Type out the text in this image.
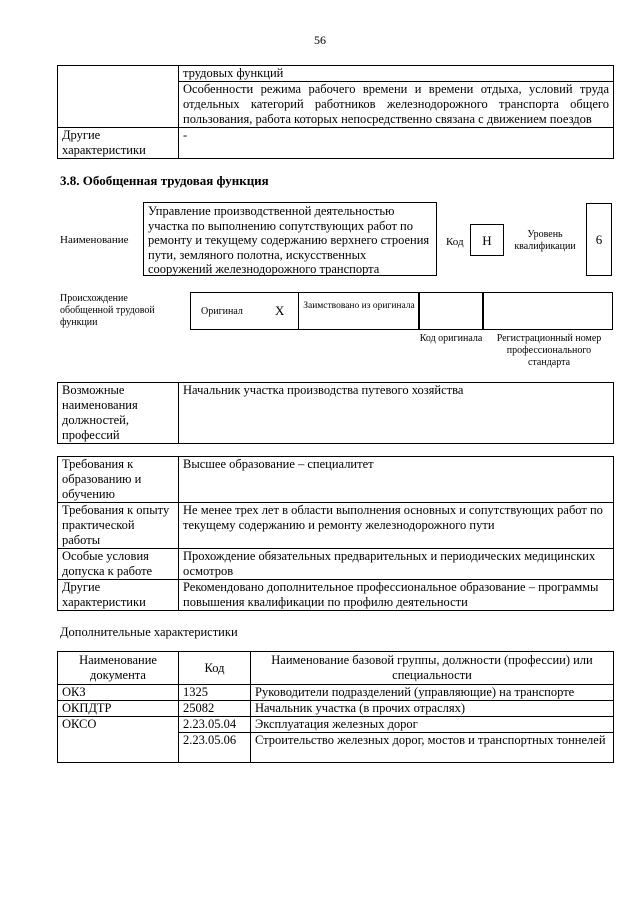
56
	трудовых функций
	Особенности режима рабочего времени и времени отдыха, условий труда отдельных категорий работников железнодорожного транспорта общего пользования, работа которых непосредственно связана с движением поездов
Другие характеристики	-
3.8. Обобщенная трудовая функция
Наименование
Управление производственной деятельностью участка по выполнению сопутствующих работ по ремонту и текущему содержанию верхнего строения пути, земляного полотна, искусственных сооружений железнодорожного транспорта
Код	H	Уровень квалификации	6
Происхождение обобщенной трудовой функции
Оригинал X Заимствовано из оригинала
Код оригинала	Регистрационный номер профессионального стандарта
Возможные наименования должностей, профессий	Начальник участка производства путевого хозяйства
Требования к образованию и обучению	Высшее образование – специалитет
Требования к опыту практической работы	Не менее трех лет в области выполнения основных и сопутствующих работ по текущему содержанию и ремонту железнодорожного пути
Особые условия допуска к работе	Прохождение обязательных предварительных и периодических медицинских осмотров
Другие характеристики	Рекомендовано дополнительное профессиональное образование – программы повышения квалификации по профилю деятельности
Дополнительные характеристики
Наименование документа	Код	Наименование базовой группы, должности (профессии) или специальности
ОКЗ	1325	Руководители подразделений (управляющие) на транспорте
ОКПДТР	25082	Начальник участка (в прочих отраслях)
ОКСО	2.23.05.04	Эксплуатация железных дорог
	2.23.05.06	Строительство железных дорог, мостов и транспортных тоннелей
